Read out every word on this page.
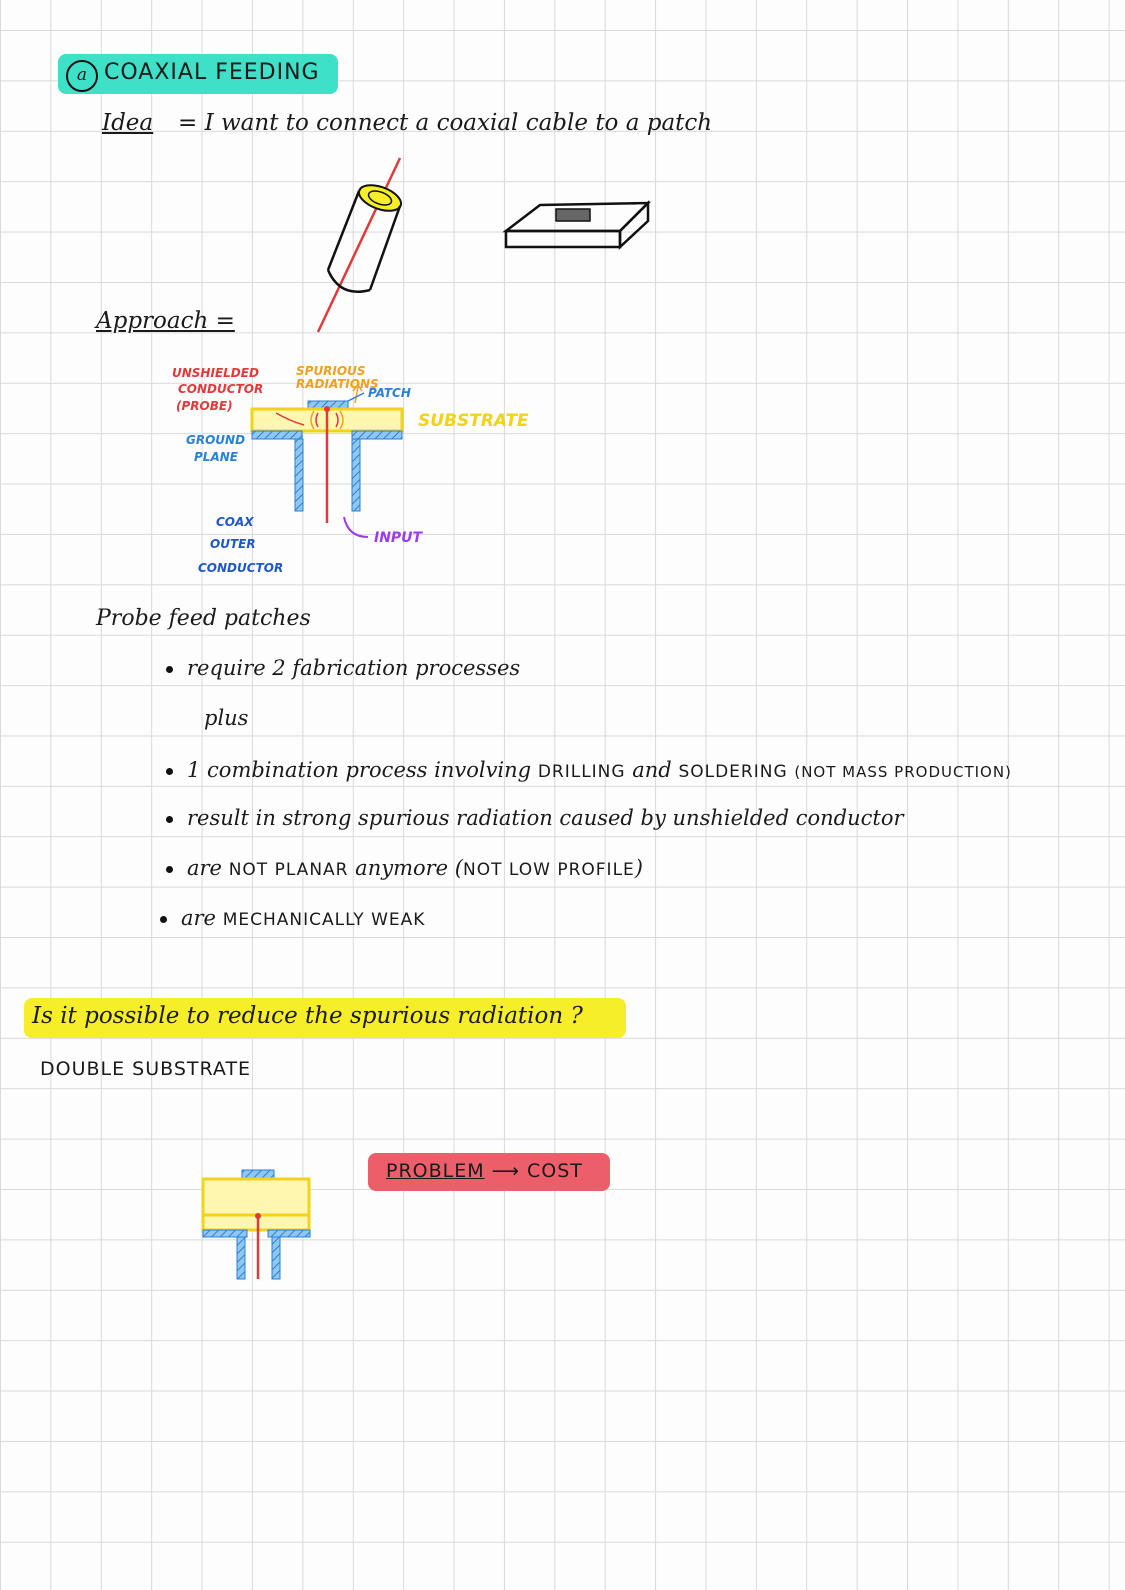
a COAXIAL FEEDING
Idea = I want to connect a coaxial cable to a patch
Approach =
UNSHIELDED
CONDUCTOR
(PROBE)
SPURIOUS
RADIATIONS
PATCH
SUBSTRATE
GROUND
PLANE
COAX
OUTER
CONDUCTOR
INPUT
Probe feed patches
require 2 fabrication processes
plus
1 combination process involving DRILLING and SOLDERING (NOT MASS PRODUCTION)
result in strong spurious radiation caused by unshielded conductor
are NOT PLANAR anymore (NOT LOW PROFILE)
are MECHANICALLY WEAK
Is it possible to reduce the spurious radiation ?
DOUBLE SUBSTRATE
PROBLEM ⟶ COST
